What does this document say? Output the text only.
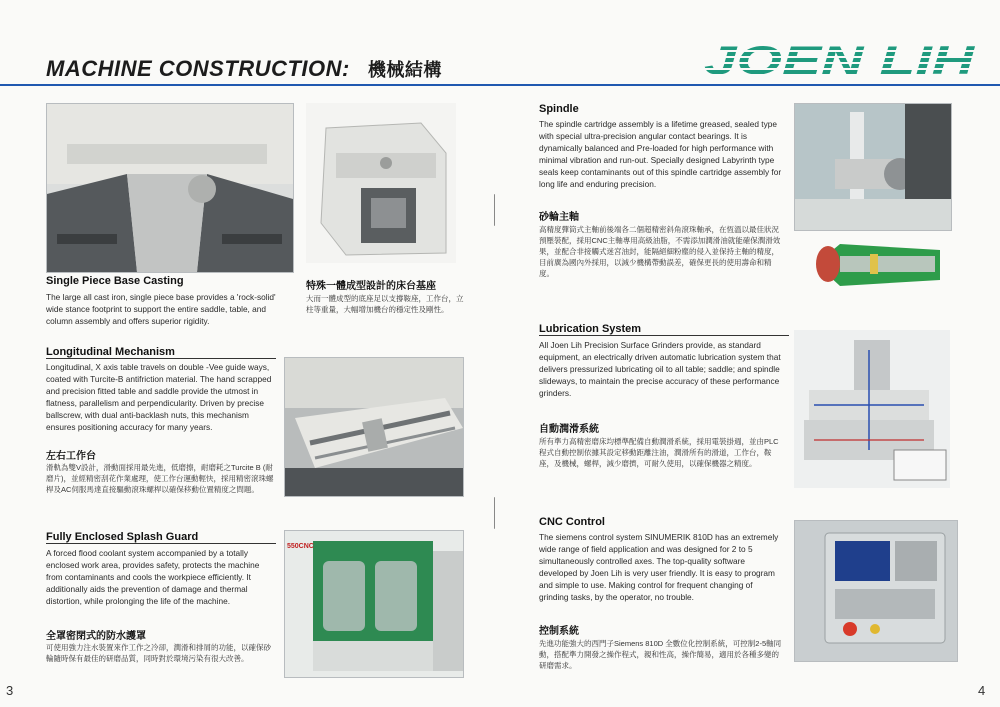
MACHINE CONSTRUCTION: 機械結構	JOEN LIH
Single Piece Base Casting
The large all cast iron, single piece base provides a 'rock-solid' wide stance footprint to support the entire saddle, table, and column assembly and offers superior rigidity.
特殊一體成型設計的床台基座
大而一體成型的底座足以支撐鞍座，工作台，立柱等重量，大幅增加機台的穩定性及剛性。
Longitudinal Mechanism
Longitudinal, X axis table travels on double -Vee guide ways, coated with Turcite-B antifriction material. The hand scrapped and precision fitted table and saddle provide the utmost in flatness, parallelism and perpendicularity. Driven by precise ballscrew, with dual anti-backlash nuts, this mechanism ensures positioning accuracy for many years.
左右工作台
滑軌為雙V設計，滑動面採用最先進，低磨擦，耐磨耗之Turcite B (耐磨片)，並經精密刮花作業處理，使工作台運動輕快，採用精密滾珠螺桿及AC伺服馬達直接驅動滾珠螺桿以確保移動位置精度之問題。
Fully Enclosed Splash Guard
A forced flood coolant system accompanied by a totally enclosed work area, provides safety, protects the machine from contaminants and cools the workpiece efficiently. It additionally aids the prevention of damage and thermal distortion, while prolonging the life of the machine.
全罩密閉式的防水護罩
可使用強力注水裝置來作工作之冷卻，潤滑和排屑的功能，以確保砂輪隨時保有最佳的研磨品質，同時對於環境污染有很大改善。
550CNC
3
Spindle
The spindle cartridge assembly is a lifetime greased, sealed type with special ultra-precision angular contact bearings. It is dynamically balanced and Pre-loaded for high performance with minimal vibration and run-out. Specially designed Labyrinth type seals keep contaminants out of this spindle cartridge assembly for long life and enduring precision.
砂輪主軸
高精度彈筒式主軸前後端各二個超精密斜角滾珠軸承，在恆溫以最佳狀況預壓裝配，採用CNC主軸專用高級油脂，不需添加潤滑油就能確保潤滑效果，並配合非接觸式迷宮油封，能隔絕細粉塵的侵入並保持主軸的精度，目前廣為國內外採用，以減少機構帶動誤差，確保更長的使用壽命和精度。
Lubrication System
All Joen Lih Precision Surface Grinders provide, as standard equipment, an electrically driven automatic lubrication system that delivers pressurized lubricating oil to all table; saddle; and spindle slideways, to maintain the precise accuracy of these performance grinders.
自動潤滑系統
所有準力高精密磨床均標準配備自動潤滑系統，採用電裝掛週，並由PLC程式自動控制依據其設定移動距離注油，潤滑所有的滑道，工作台，鞍座，及機械，螺桿，減少磨擠，可耐久使用，以確保機器之精度。
CNC Control
The siemens control system SINUMERIK 810D has an extremely wide range of field application and was designed for 2 to 5 simultaneously controlled axes. The top-quality software developed by Joen Lih is very user friendly. It is easy to program and simple to use. Making control for frequent changing of grinding tasks, by the operator, no trouble.
控制系統
先進功能強大的西門子Siemens 810D 全數位化控制系統，可控制2-5軸同動，搭配準力開發之操作程式，親和性高，操作簡易，適用於各種多變的研磨需求。
4
